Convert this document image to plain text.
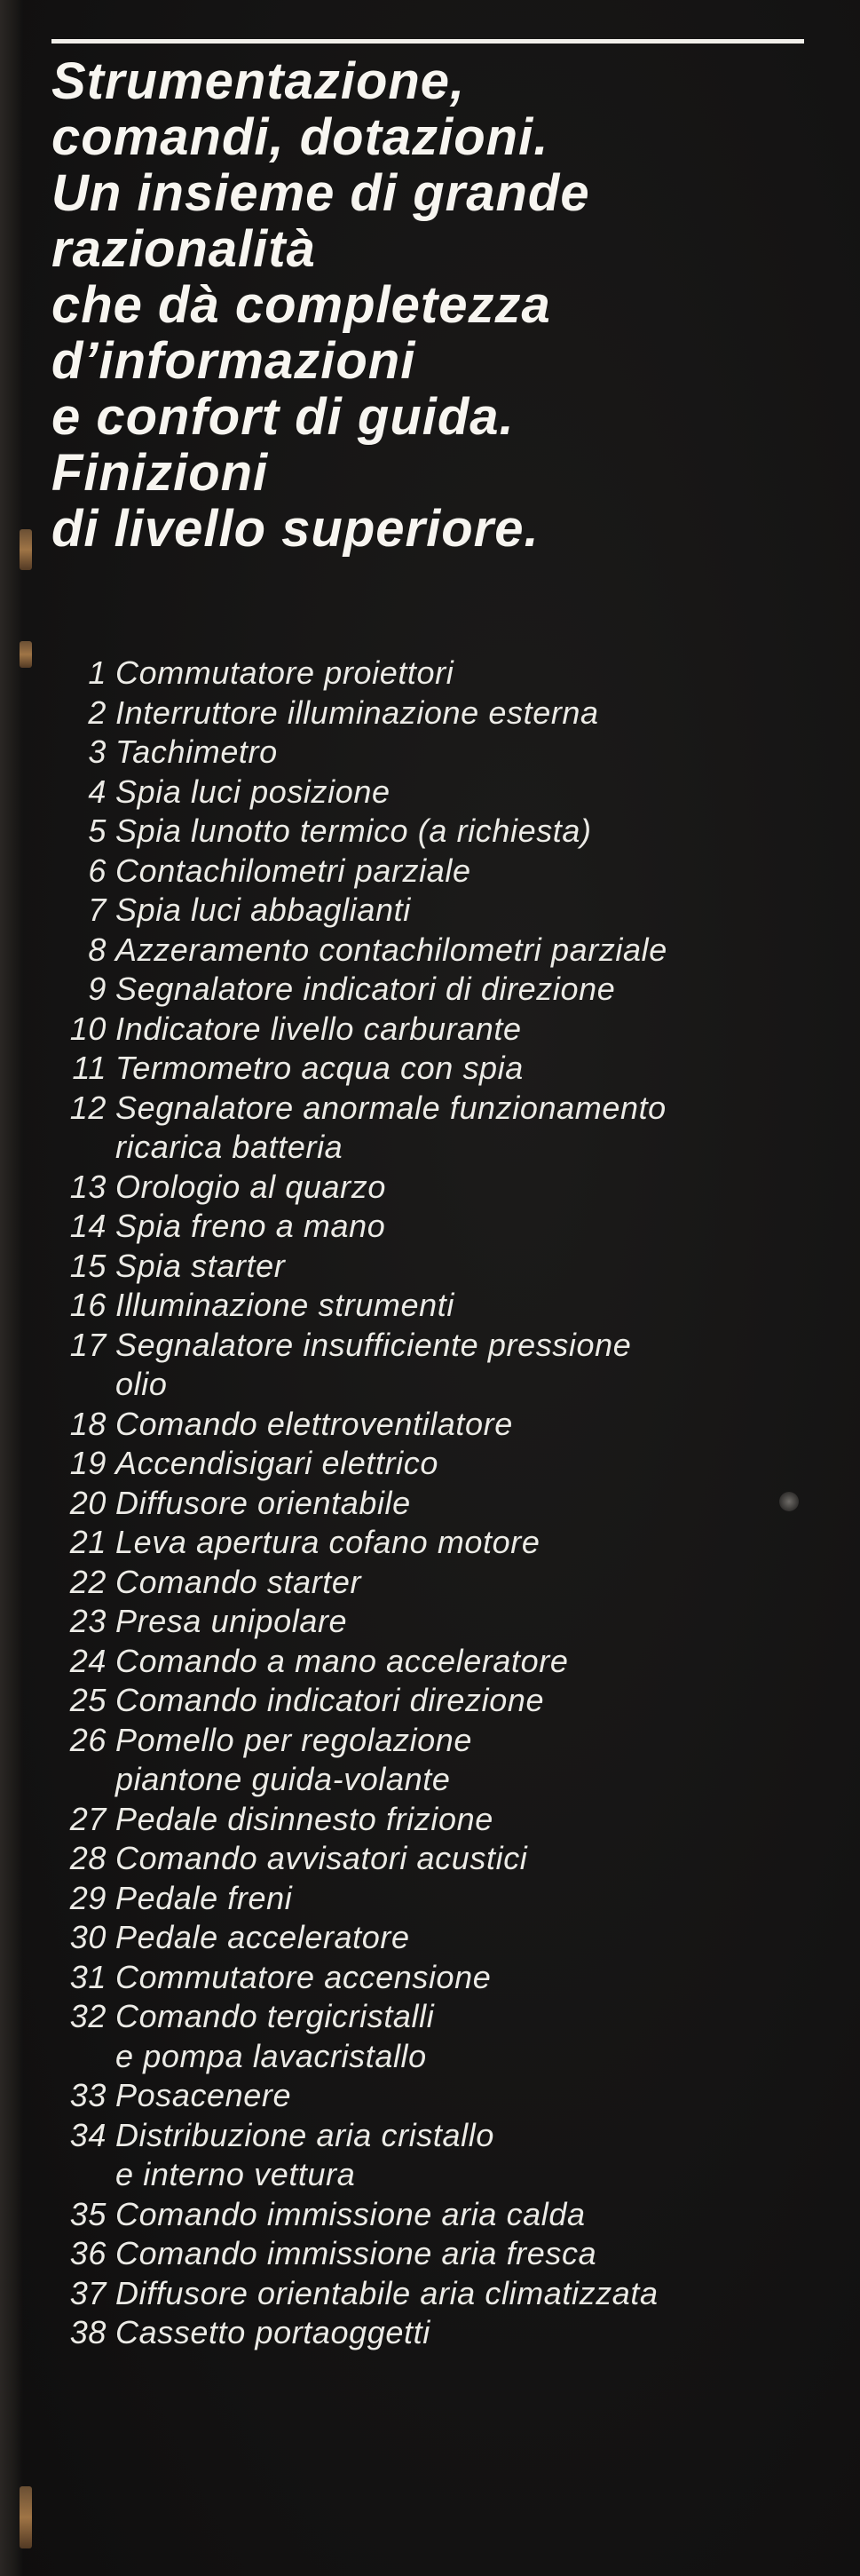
Strumentazione,
comandi, dotazioni.
Un insieme di grande
razionalità
che dà completezza
d’informazioni
e confort di guida.
Finizioni
di livello superiore.
1 Commutatore proiettori
2 Interruttore illuminazione esterna
3 Tachimetro
4 Spia luci posizione
5 Spia lunotto termico (a richiesta)
6 Contachilometri parziale
7 Spia luci abbaglianti
8 Azzeramento contachilometri parziale
9 Segnalatore indicatori di direzione
10 Indicatore livello carburante
11 Termometro acqua con spia
12 Segnalatore anormale funzionamento
ricarica batteria
13 Orologio al quarzo
14 Spia freno a mano
15 Spia starter
16 Illuminazione strumenti
17 Segnalatore insufficiente pressione
olio
18 Comando elettroventilatore
19 Accendisigari elettrico
20 Diffusore orientabile
21 Leva apertura cofano motore
22 Comando starter
23 Presa unipolare
24 Comando a mano acceleratore
25 Comando indicatori direzione
26 Pomello per regolazione
piantone guida-volante
27 Pedale disinnesto frizione
28 Comando avvisatori acustici
29 Pedale freni
30 Pedale acceleratore
31 Commutatore accensione
32 Comando tergicristalli
e pompa lavacristallo
33 Posacenere
34 Distribuzione aria cristallo
e interno vettura
35 Comando immissione aria calda
36 Comando immissione aria fresca
37 Diffusore orientabile aria climatizzata
38 Cassetto portaoggetti
